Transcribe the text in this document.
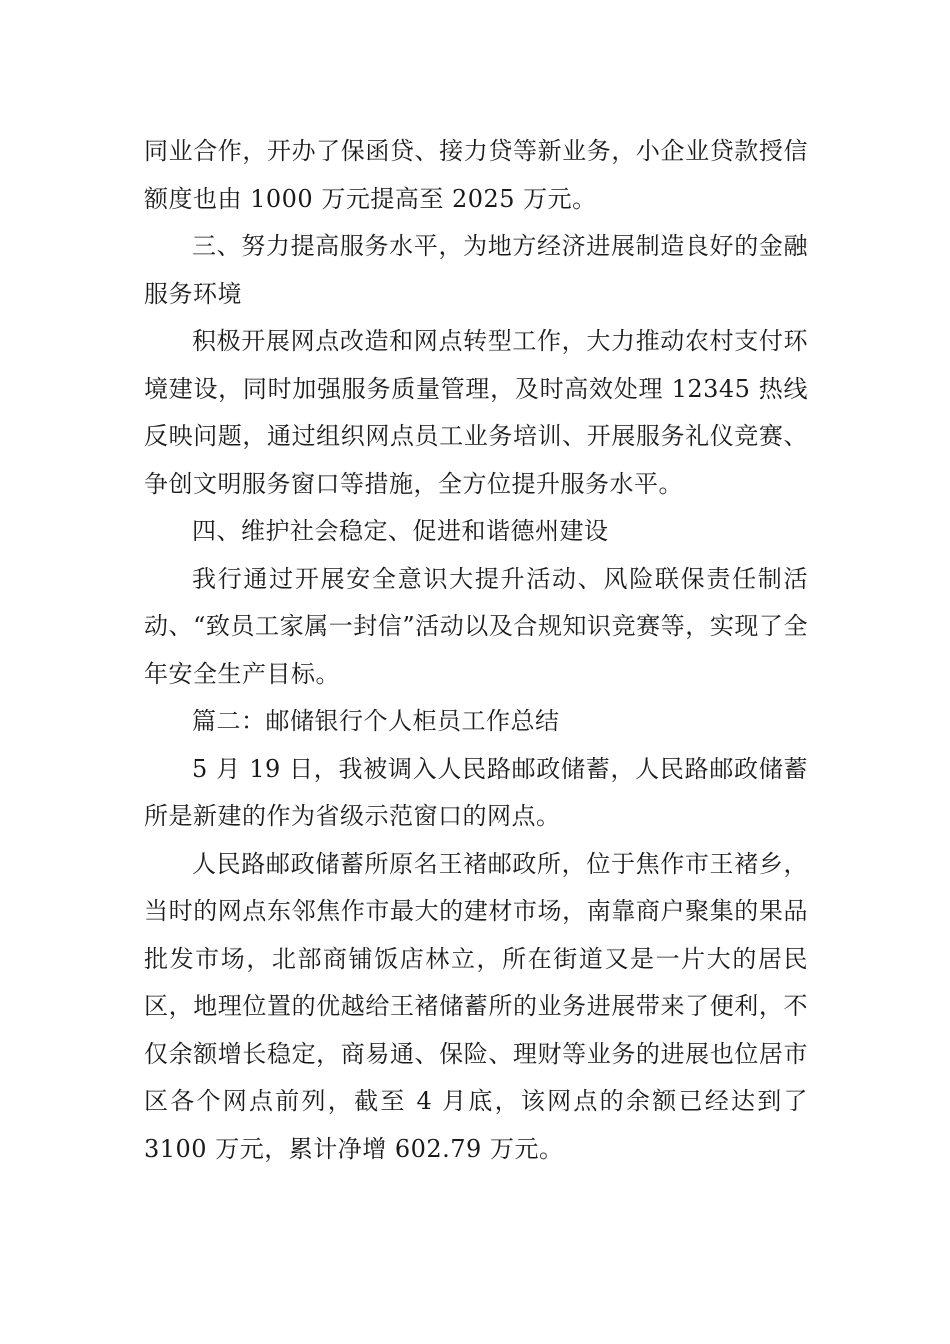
同业合作，开办了保函贷、接力贷等新业务，小企业贷款授信额度也由 1000 万元提高至 2025 万元。

三、努力提高服务水平，为地方经济进展制造良好的金融服务环境

积极开展网点改造和网点转型工作，大力推动农村支付环境建设，同时加强服务质量管理，及时高效处理 12345 热线反映问题，通过组织网点员工业务培训、开展服务礼仪竞赛、争创文明服务窗口等措施，全方位提升服务水平。

四、维护社会稳定、促进和谐德州建设

我行通过开展安全意识大提升活动、风险联保责任制活动、“致员工家属一封信”活动以及合规知识竞赛等，实现了全年安全生产目标。

篇二：邮储银行个人柜员工作总结

5 月 19 日，我被调入人民路邮政储蓄，人民路邮政储蓄所是新建的作为省级示范窗口的网点。

人民路邮政储蓄所原名王褚邮政所，位于焦作市王褚乡，当时的网点东邻焦作市最大的建材市场，南靠商户聚集的果品批发市场，北部商铺饭店林立，所在街道又是一片大的居民区，地理位置的优越给王褚储蓄所的业务进展带来了便利，不 仅余额增长稳定，商易通、保险、理财等业务的进展也位居市区各个网点前列，截至 4 月底，该网点的余额已经达到了 3100 万元，累计净增 602.79 万元。
